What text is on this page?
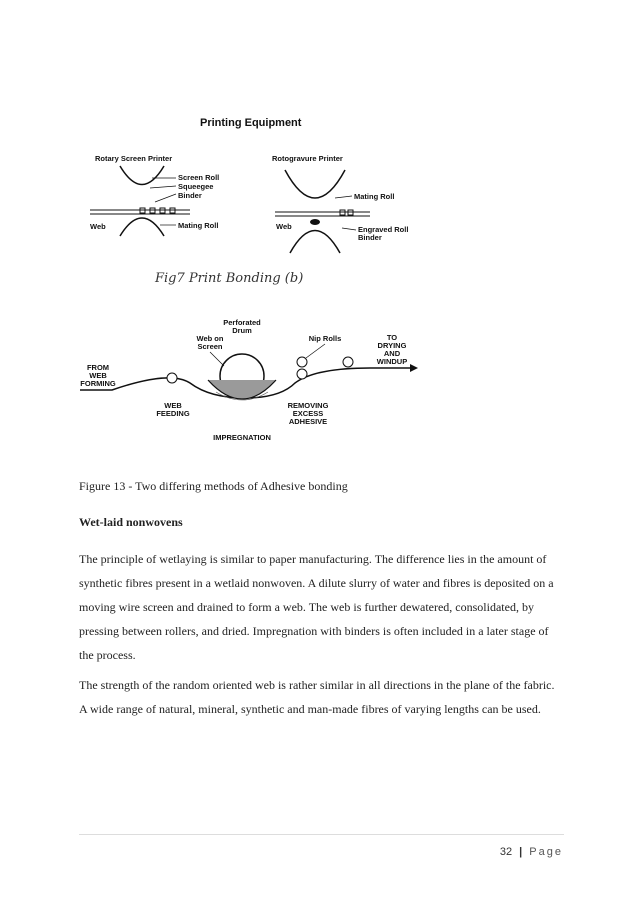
Printing Equipment
Rotary Screen Printer
Screen Roll
Squeegee
Binder
Mating Roll
Web
Rotogravure Printer
Mating Roll
Web	Engraved Roll
Binder
Fig7 Print Bonding (b)
Web on
Screen
Perforated
Drum
Nip Rolls
FROM
WEB
FORMING
TO
DRYING
AND
WINDUP
WEB
FEEDING
REMOVING
EXCESS
ADHESIVE
IMPREGNATION
Figure 13 - Two differing methods of Adhesive bonding
Wet-laid nonwovens

The principle of wetlaying is similar to paper manufacturing. The difference lies in the amount of synthetic fibres present in a wetlaid nonwoven. A dilute slurry of water and fibres is deposited on a moving wire screen and drained to form a web. The web is further dewatered, consolidated, by pressing between rollers, and dried. Impregnation with binders is often included in a later stage of the process.

The strength of the random oriented web is rather similar in all directions in the plane of the fabric. A wide range of natural, mineral, synthetic and man-made fibres of varying lengths can be used.

32 | Page
